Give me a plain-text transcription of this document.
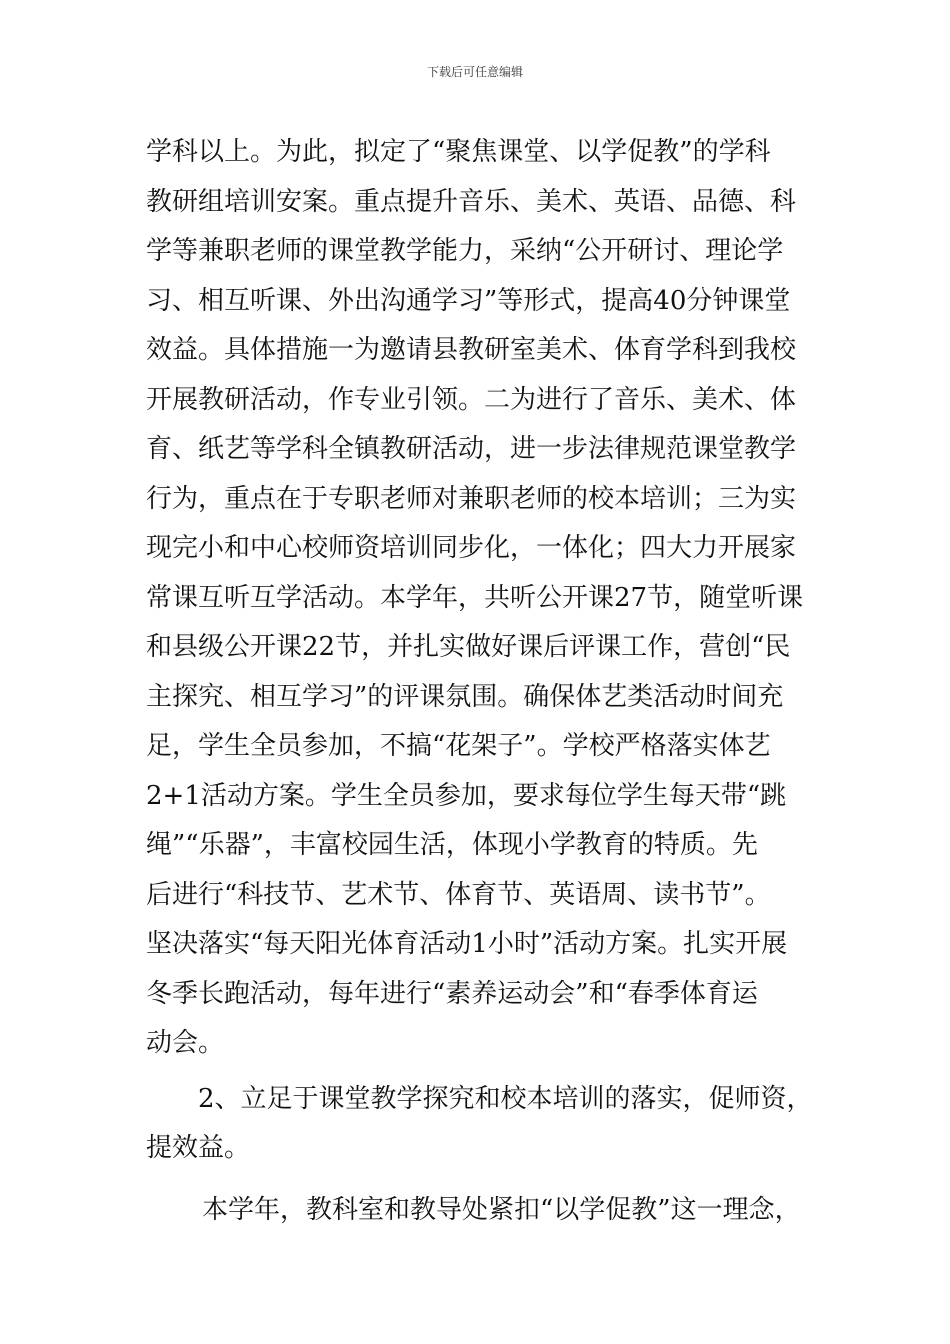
下载后可任意编辑
学科以上。为此，拟定了“聚焦课堂、以学促教”的学科
教研组培训安案。重点提升音乐、美术、英语、品德、科
学等兼职老师的课堂教学能力，采纳“公开研讨、理论学
习、相互听课、外出沟通学习”等形式，提高40分钟课堂
效益。具体措施一为邀请县教研室美术、体育学科到我校
开展教研活动，作专业引领。二为进行了音乐、美术、体
育、纸艺等学科全镇教研活动，进一步法律规范课堂教学
行为，重点在于专职老师对兼职老师的校本培训；三为实
现完小和中心校师资培训同步化，一体化；四大力开展家
常课互听互学活动。本学年，共听公开课27节，随堂听课
和县级公开课22节，并扎实做好课后评课工作，营创“民
主探究、相互学习”的评课氛围。确保体艺类活动时间充
足，学生全员参加，不搞“花架子”。学校严格落实体艺
2+1活动方案。学生全员参加，要求每位学生每天带“跳
绳”“乐器”，丰富校园生活，体现小学教育的特质。先
后进行“科技节、艺术节、体育节、英语周、读书节”。
坚决落实“每天阳光体育活动1小时”活动方案。扎实开展
冬季长跑活动，每年进行“素养运动会”和“春季体育运
动会。
2、立足于课堂教学探究和校本培训的落实，促师资，
提效益。
本学年，教科室和教导处紧扣“以学促教”这一理念，
